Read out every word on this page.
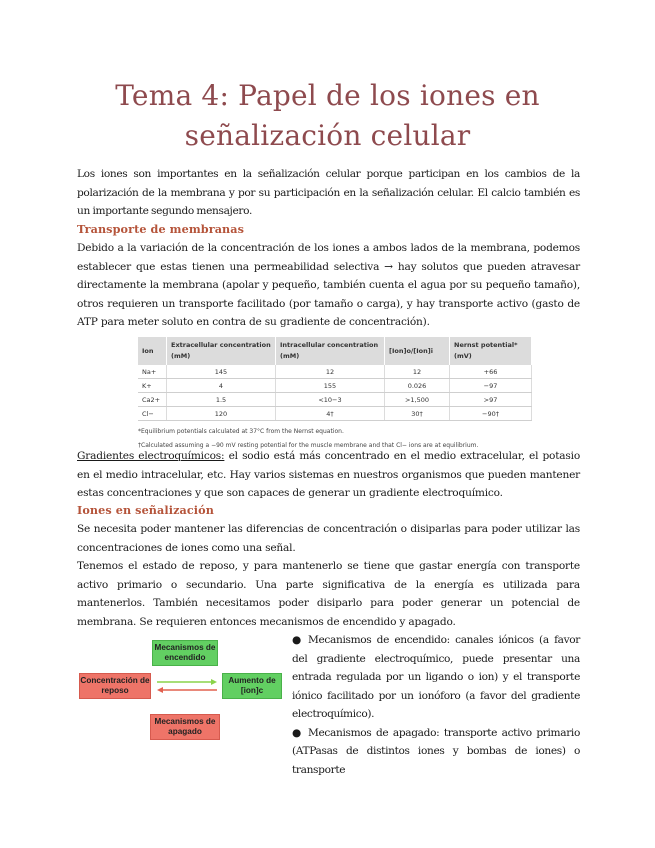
Tema 4: Papel de los iones en
señalización celular
Los iones son importantes en la señalización celular porque participan en los cambios de la polarización de la membrana y por su participación en la señalización celular. El calcio también es un importante segundo mensajero.
Transporte de membranas
Debido a la variación de la concentración de los iones a ambos lados de la membrana, podemos establecer que estas tienen una permeabilidad selectiva → hay solutos que pueden atravesar directamente la membrana (apolar y pequeño, también cuenta el agua por su pequeño tamaño), otros requieren un transporte facilitado (por tamaño o carga), y hay transporte activo (gasto de ATP para meter soluto en contra de su gradiente de concentración).
Ion	Extracellular concentration (mM)	Intracellular concentration (mM)	[Ion]o/[Ion]i	Nernst potential* (mV)
Na+	145	12	12	+66
K+	4	155	0.026	−97
Ca2+	1.5	<10−3	>1,500	>97
Cl−	120	4†	30†	−90†
*Equilibrium potentials calculated at 37°C from the Nernst equation.
†Calculated assuming a −90 mV resting potential for the muscle membrane and that Cl− ions are at equilibrium.
Gradientes electroquímicos: el sodio está más concentrado en el medio extracelular, el potasio en el medio intracelular, etc. Hay varios sistemas en nuestros organismos que pueden mantener estas concentraciones y que son capaces de generar un gradiente electroquímico.
Iones en señalización
Se necesita poder mantener las diferencias de concentración o disiparlas para poder utilizar las concentraciones de iones como una señal.
Tenemos el estado de reposo, y para mantenerlo se tiene que gastar energía con transporte activo primario o secundario. Una parte significativa de la energía es utilizada para mantenerlos. También necesitamos poder disiparlo para poder generar un potencial de membrana. Se requieren entonces mecanismos de encendido y apagado.
Mecanismos de encendido
Concentración de reposo
Aumento de [ion]c
Mecanismos de apagado

● Mecanismos de encendido: canales iónicos (a favor del gradiente electroquímico, puede presentar una entrada regulada por un ligando o ion) y el transporte iónico facilitado por un ionóforo (a favor del gradiente electroquímico).

● Mecanismos de apagado: transporte activo primario (ATPasas de distintos iones y bombas de iones) o transporte
